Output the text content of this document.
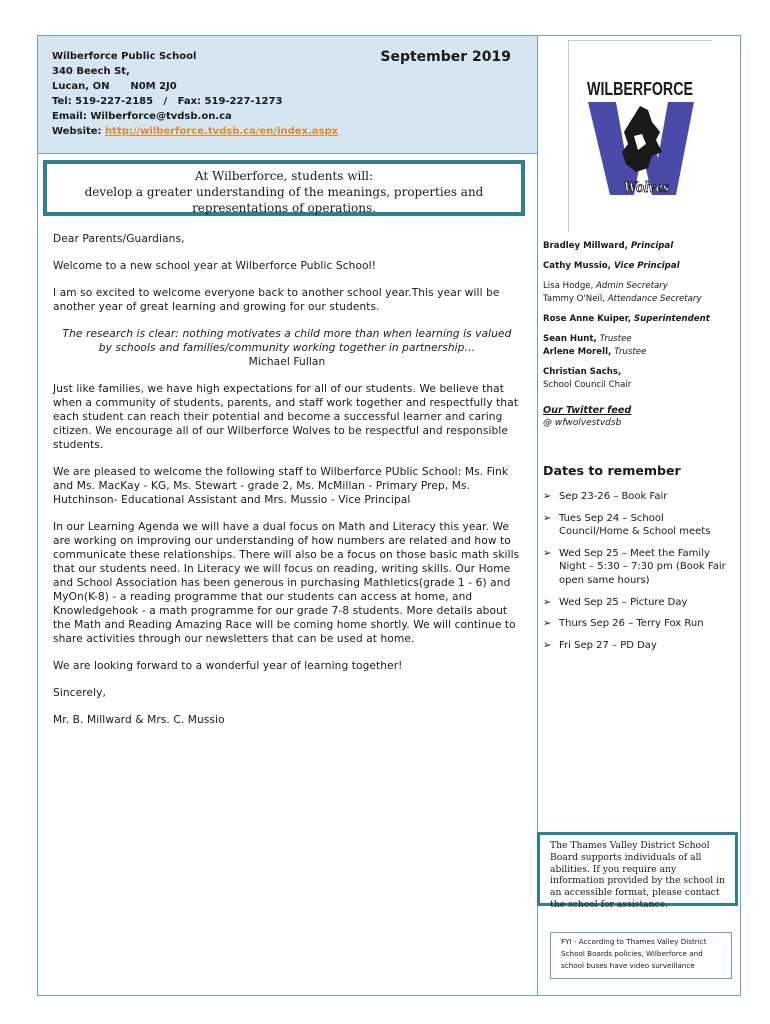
Wilberforce Public School
340 Beech St,
Lucan, ON      N0M 2J0
Tel: 519-227-2185   /   Fax: 519-227-1273
Email: Wilberforce@tvdsb.on.ca
Website: http://wilberforce.tvdsb.ca/en/index.aspx
September 2019
At Wilberforce, students will:
develop a greater understanding of the meanings, properties and representations of operations.

Dear Parents/Guardians,

Welcome to a new school year at Wilberforce Public School!

I am so excited to welcome everyone back to another school year.This year will be another year of great learning and growing for our students.

The research is clear: nothing motivates a child more than when learning is valued by schools and families/community working together in partnership…
Michael Fullan

Just like families, we have high expectations for all of our students. We believe that when a community of students, parents, and staff work together and respectfully that each student can reach their potential and become a successful learner and caring citizen. We encourage all of our Wilberforce Wolves to be respectful and responsible students.

We are pleased to welcome the following staff to Wilberforce PUblic School: Ms. Fink and Ms. MacKay - KG, Ms. Stewart - grade 2, Ms. McMillan - Primary Prep, Ms. Hutchinson- Educational Assistant and Mrs. Mussio - Vice Principal

In our Learning Agenda we will have a dual focus on Math and Literacy this year. We are working on improving our understanding of how numbers are related and how to communicate these relationships. There will also be a focus on those basic math skills that our students need. In Literacy we will focus on reading, writing skills. Our Home and School Association has been generous in purchasing Mathletics(grade 1 - 6) and MyOn(K-8) - a reading programme that our students can access at home, and Knowledgehook - a math programme for our grade 7-8 students. More details about the Math and Reading Amazing Race will be coming home shortly. We will continue to share activities through our newsletters that can be used at home.

We are looking forward to a wonderful year of learning together!

Sincerely,

Mr. B. Millward & Mrs. C. Mussio

WILBERFORCE
Wolves
Bradley Millward, Principal
Cathy Mussio, Vice Principal
Lisa Hodge, Admin Secretary
Tammy O'Neil, Attendance Secretary
Rose Anne Kuiper, Superintendent
Sean Hunt, Trustee
Arlene Morell, Trustee
Christian Sachs,
School Council Chair
Our Twitter feed
@ wfwolvestvdsb
Dates to remember
➢ Sep 23-26 – Book Fair
➢ Tues Sep 24 – School Council/Home & School meets
➢ Wed Sep 25 – Meet the Family Night – 5:30 – 7:30 pm (Book Fair open same hours)
➢ Wed Sep 25 – Picture Day
➢ Thurs Sep 26 – Terry Fox Run
➢ Fri Sep 27 – PD Day
The Thames Valley District School Board supports individuals of all abilities. If you require any information provided by the school in an accessible format, please contact the school for assistance.
FYI - According to Thames Valley District School Boards policies, Wilberforce and school buses have video surveillance
